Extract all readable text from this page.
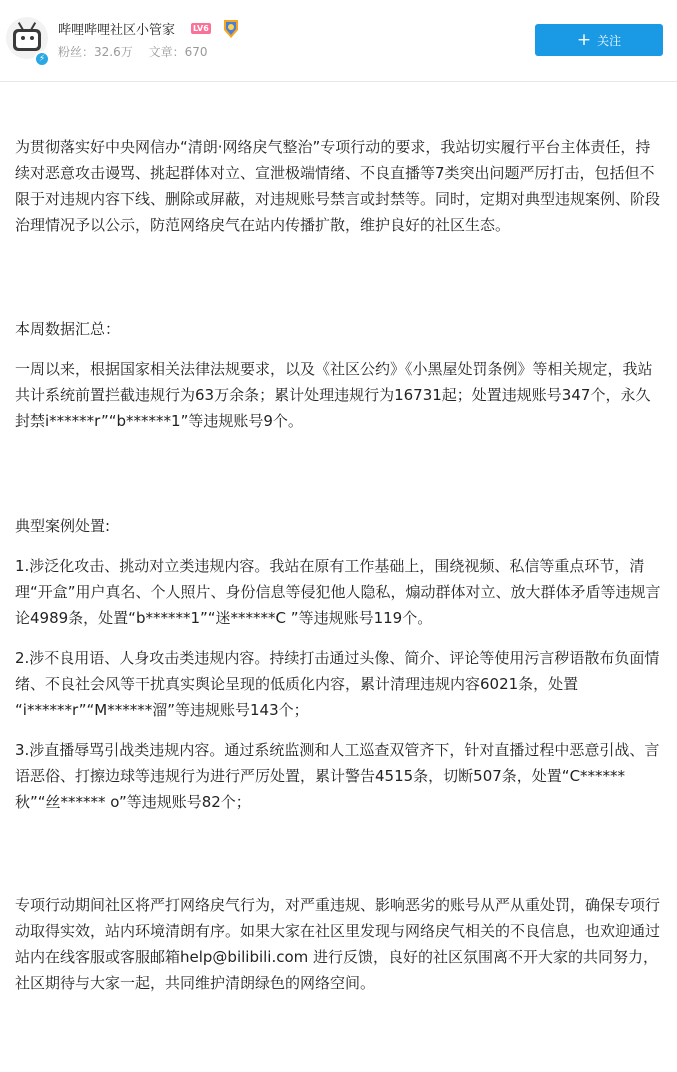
⚡
哔哩哔哩社区小管家 LV6
粉丝：32.6万 文章：670
+ 关注

为贯彻落实好中央网信办“清朗·网络戾气整治”专项行动的要求，我站切实履行平台主体责任，持续对恶意攻击谩骂、挑起群体对立、宣泄极端情绪、不良直播等7类突出问题严厉打击，包括但不限于对违规内容下线、删除或屏蔽，对违规账号禁言或封禁等。同时，定期对典型违规案例、阶段治理情况予以公示，防范网络戾气在站内传播扩散，维护良好的社区生态。

本周数据汇总：

一周以来，根据国家相关法律法规要求，以及《社区公约》《小黑屋处罚条例》等相关规定，我站共计系统前置拦截违规行为63万余条；累计处理违规行为16731起；处置违规账号347个，永久封禁i******r”“b******1”等违规账号9个。

典型案例处置:

1.涉泛化攻击、挑动对立类违规内容。我站在原有工作基础上，围绕视频、私信等重点环节，清理“开盒”用户真名、个人照片、身份信息等侵犯他人隐私，煽动群体对立、放大群体矛盾等违规言论4989条，处置“b******1”“迷******C ”等违规账号119个。

2.涉不良用语、人身攻击类违规内容。持续打击通过头像、简介、评论等使用污言秽语散布负面情绪、不良社会风等干扰真实舆论呈现的低质化内容，累计清理违规内容6021条，处置 “i******r”“M******溜”等违规账号143个；

3.涉直播辱骂引战类违规内容。通过系统监测和人工巡查双管齐下，针对直播过程中恶意引战、言语恶俗、打擦边球等违规行为进行严厉处置，累计警告4515条，切断507条，处置“C******秋”“丝****** o”等违规账号82个；

专项行动期间社区将严打网络戾气行为，对严重违规、影响恶劣的账号从严从重处罚，确保专项行动取得实效，站内环境清朗有序。如果大家在社区里发现与网络戾气相关的不良信息，也欢迎通过站内在线客服或客服邮箱help@bilibili.com 进行反馈，良好的社区氛围离不开大家的共同努力，社区期待与大家一起，共同维护清朗绿色的网络空间。
